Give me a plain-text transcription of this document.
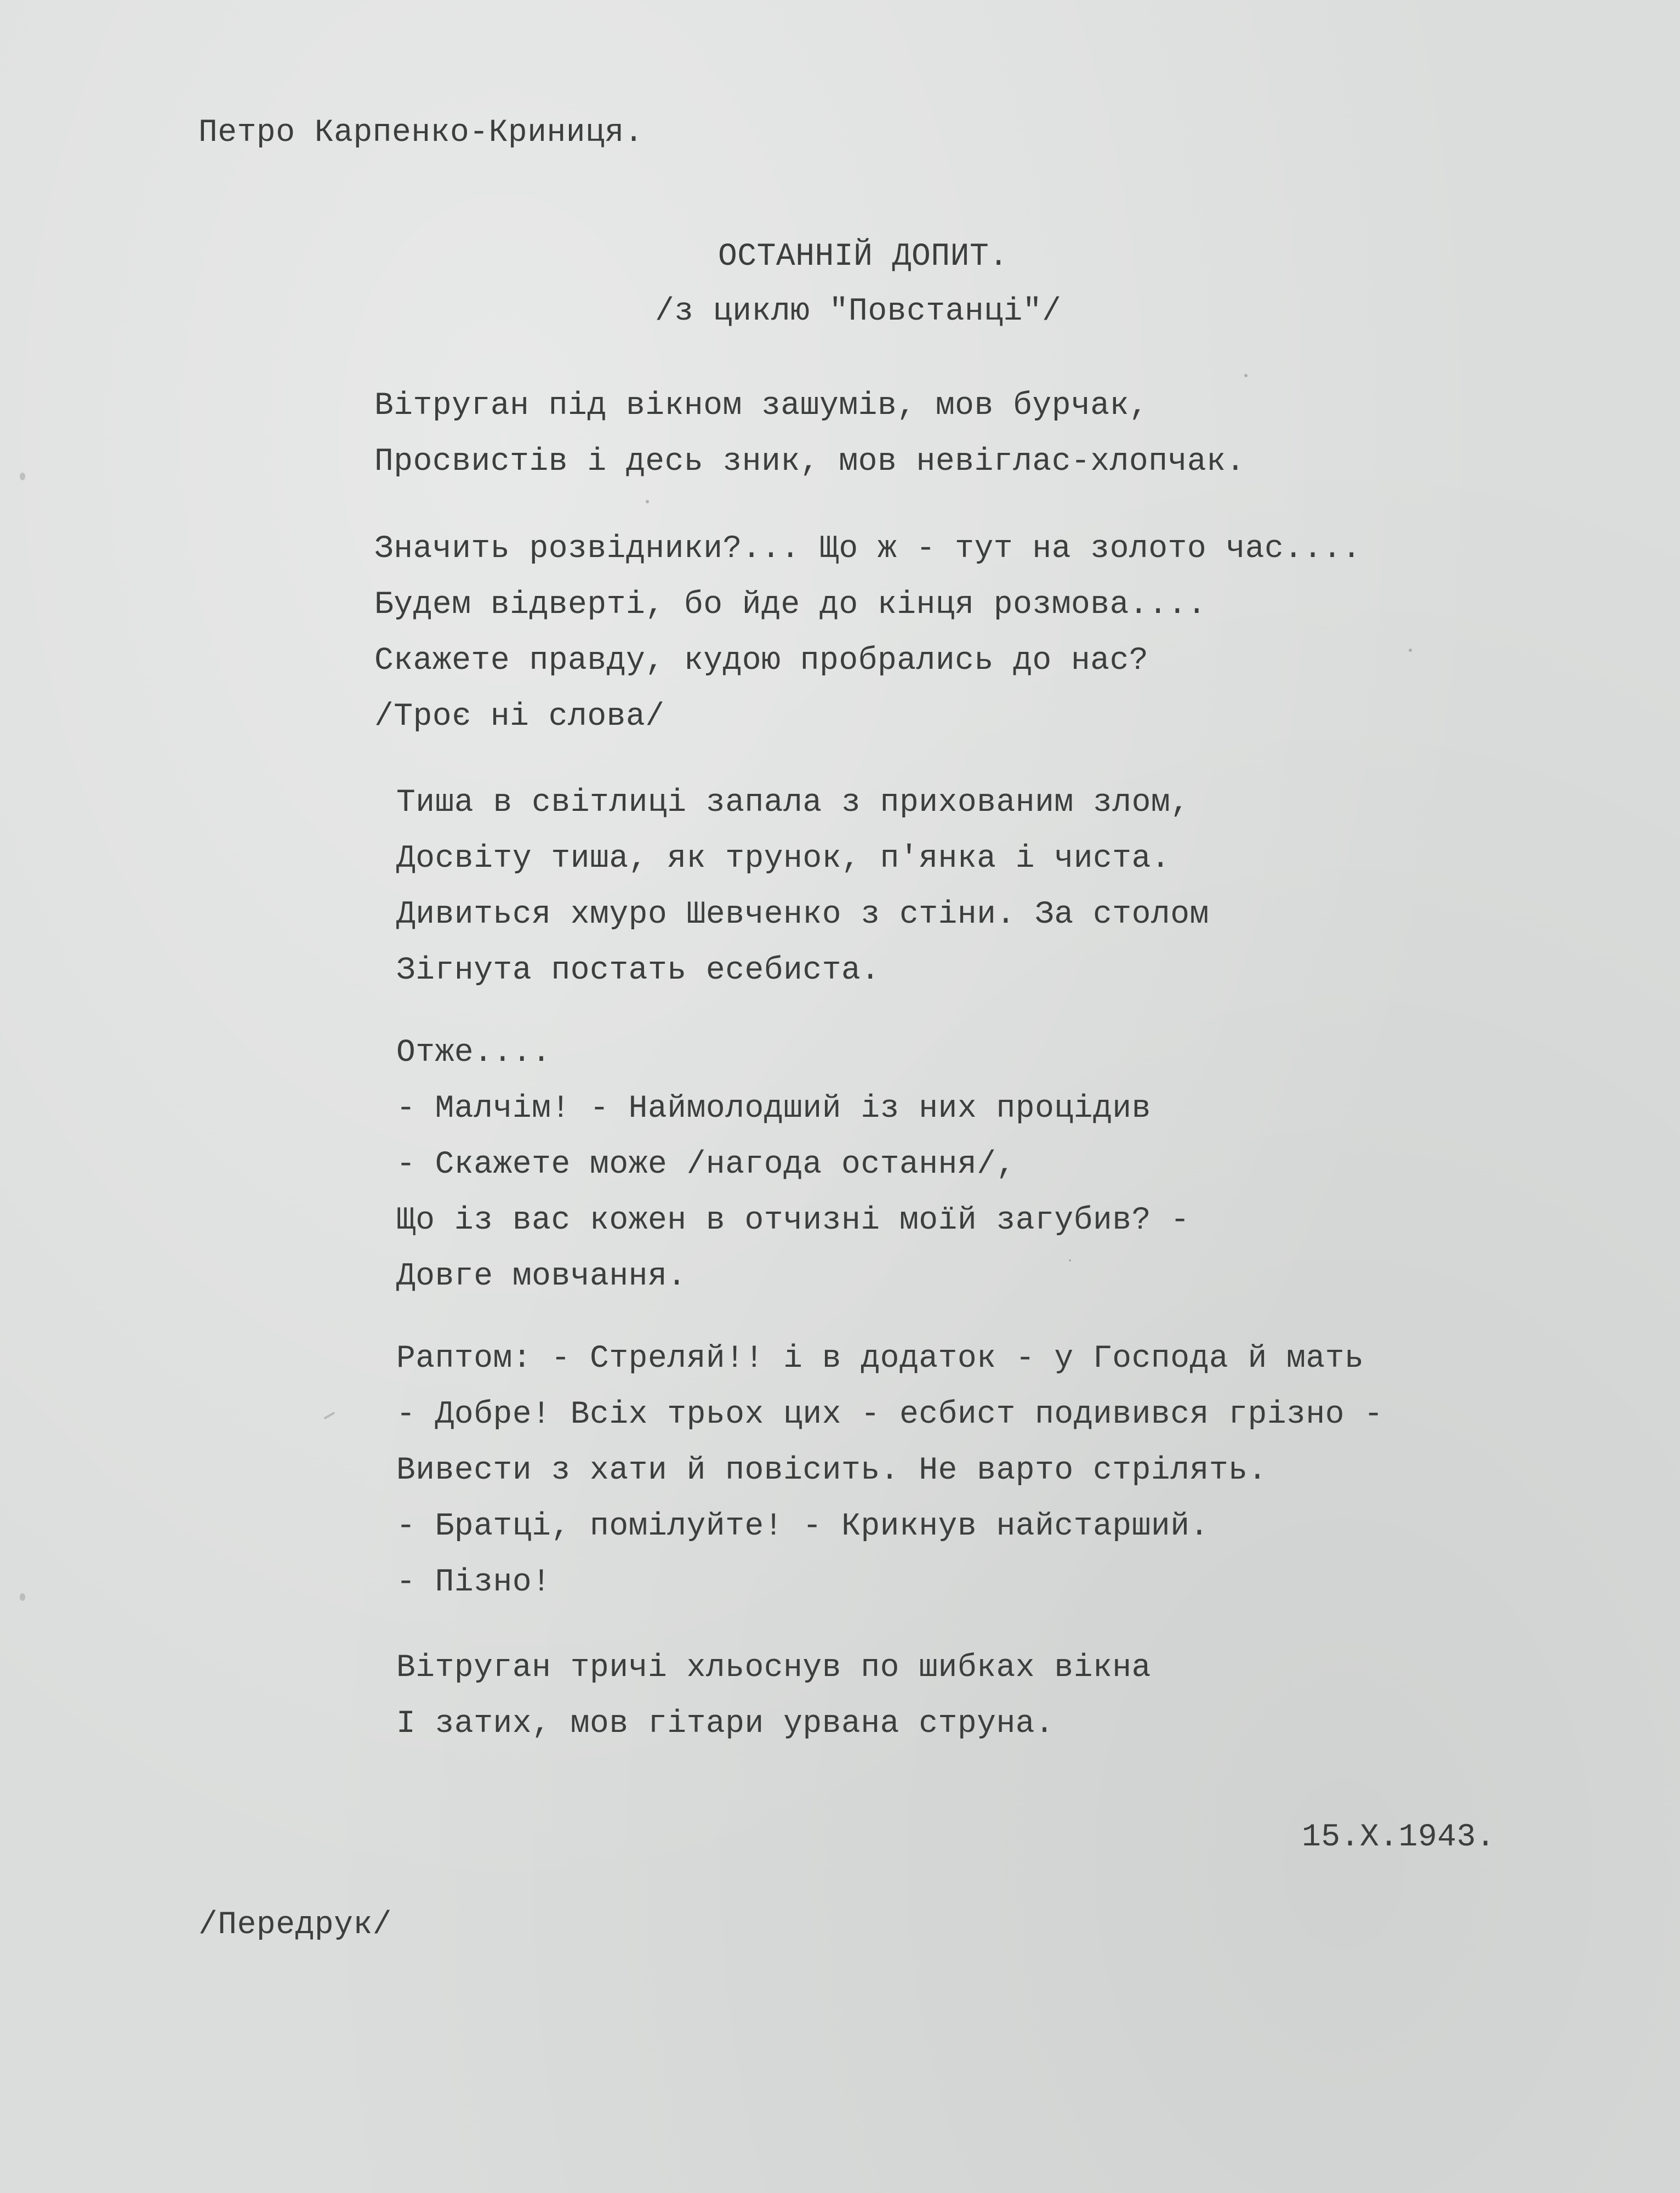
Петро Карпенко-Криниця.
ОСТАННІЙ ДОПИТ.
/з циклю "Повстанці"/
Вітруган під вікном зашумів, мов бурчак,
Просвистів і десь зник, мов невіглас-хлопчак.
Значить розвідники?... Що ж - тут на золото час....
Будем відверті, бо йде до кінця розмова....
Скажете правду, кудою пробрались до нас?
/Троє ні слова/
Тиша в світлиці запала з прихованим злом,
Досвіту тиша, як трунок, п'янка і чиста.
Дивиться хмуро Шевченко з стіни. За столом
Зігнута постать есебиста.
Отже....
- Малчім! - Наймолодший із них процідив
- Скажете може /нагода остання/,
Що із вас кожен в отчизні моїй загубив? -
Довге мовчання.
Раптом: - Стреляй!! і в додаток - у Господа й мать
- Добре! Всіх трьох цих - есбист подивився грізно -
Вивести з хати й повісить. Не варто стрілять.
- Братці, помілуйте! - Крикнув найстарший.
- Пізно!
Вітруган тричі хльоснув по шибках вікна
І затих, мов гітари урвана струна.
15.X.1943.
/Передрук/
